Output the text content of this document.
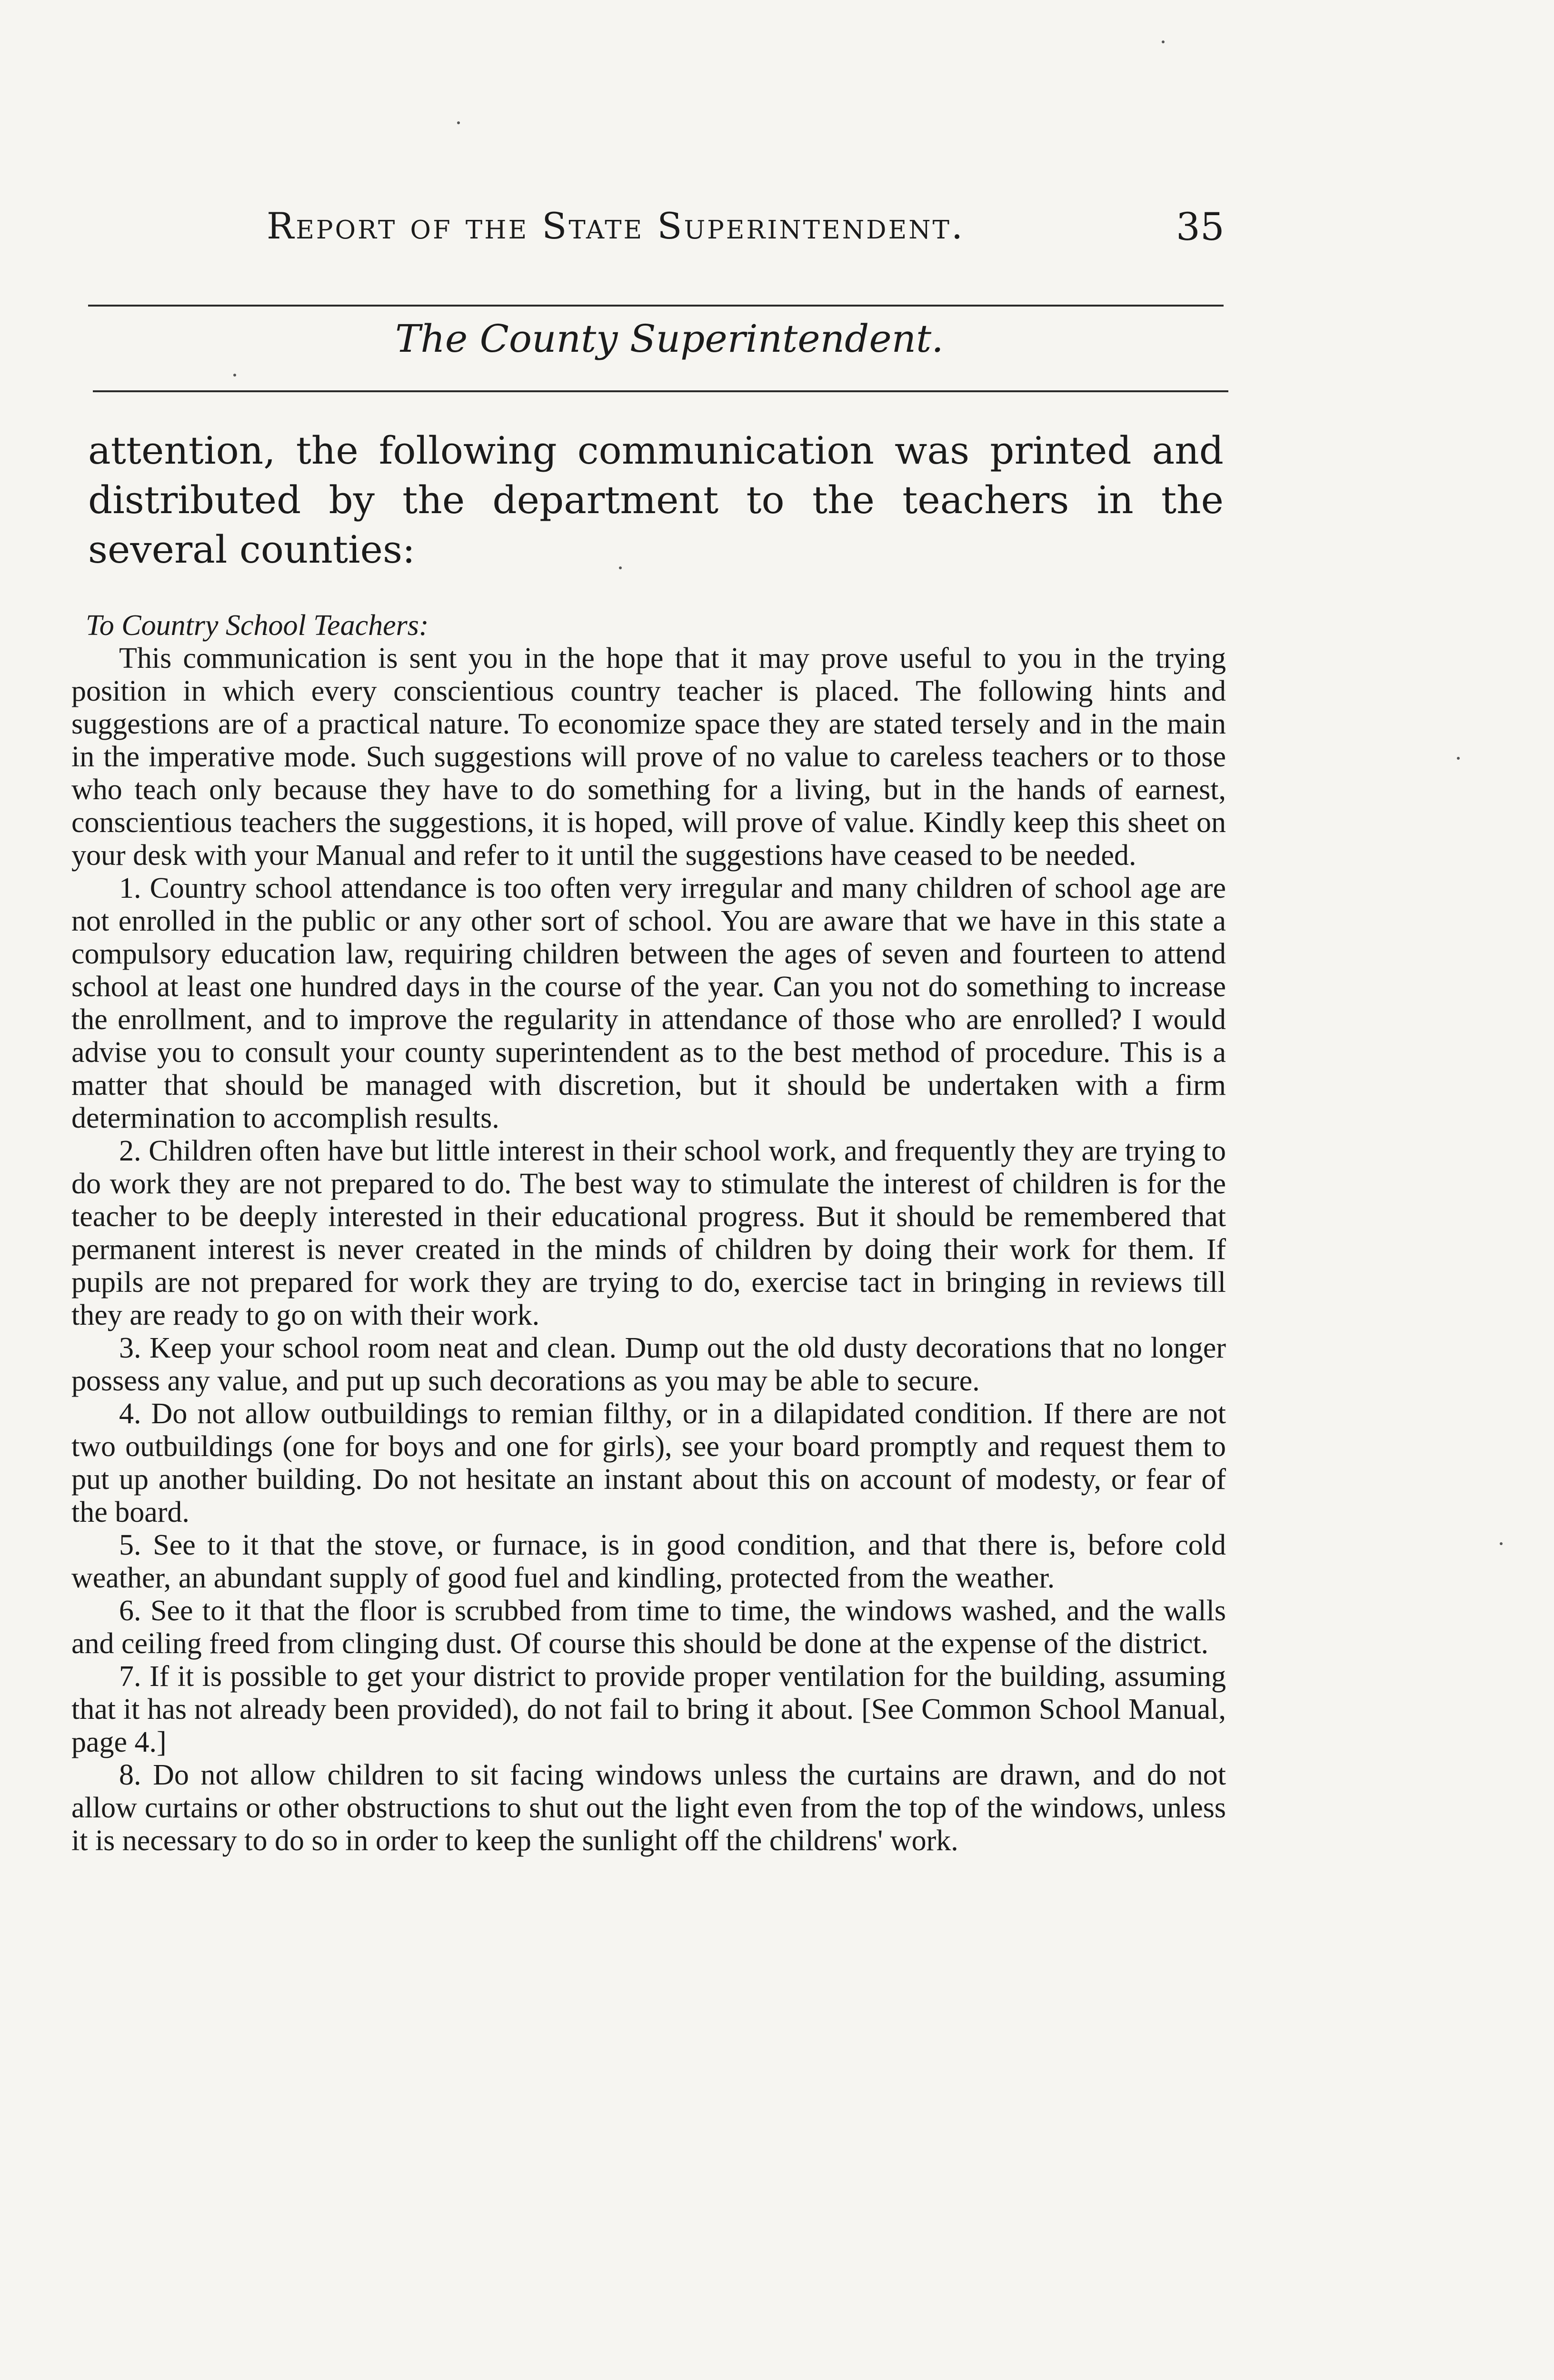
Report of the State Superintendent.	35
The County Superintendent.
attention, the following communication was printed and distributed by the department to the teachers in the several counties:

To Country School Teachers:

This communication is sent you in the hope that it may prove useful to you in the trying position in which every conscientious country teacher is placed. The following hints and suggestions are of a practical nature. To economize space they are stated tersely and in the main in the imperative mode. Such suggestions will prove of no value to careless teachers or to those who teach only because they have to do something for a living, but in the hands of earnest, conscientious teachers the suggestions, it is hoped, will prove of value. Kindly keep this sheet on your desk with your Manual and refer to it until the suggestions have ceased to be needed.

1. Country school attendance is too often very irregular and many children of school age are not enrolled in the public or any other sort of school. You are aware that we have in this state a compulsory education law, requiring children between the ages of seven and fourteen to attend school at least one hundred days in the course of the year. Can you not do something to increase the enrollment, and to improve the regularity in attendance of those who are enrolled? I would advise you to consult your county superintendent as to the best method of procedure. This is a matter that should be managed with discretion, but it should be undertaken with a firm determination to accomplish results.

2. Children often have but little interest in their school work, and frequently they are trying to do work they are not prepared to do. The best way to stimulate the interest of children is for the teacher to be deeply interested in their educational progress. But it should be remembered that permanent interest is never created in the minds of children by doing their work for them. If pupils are not prepared for work they are trying to do, exercise tact in bringing in reviews till they are ready to go on with their work.

3. Keep your school room neat and clean. Dump out the old dusty decorations that no longer possess any value, and put up such decorations as you may be able to secure.

4. Do not allow outbuildings to remian filthy, or in a dilapidated condition. If there are not two outbuildings (one for boys and one for girls), see your board promptly and request them to put up another building. Do not hesitate an instant about this on account of modesty, or fear of the board.

5. See to it that the stove, or furnace, is in good condition, and that there is, before cold weather, an abundant supply of good fuel and kindling, protected from the weather.

6. See to it that the floor is scrubbed from time to time, the windows washed, and the walls and ceiling freed from clinging dust. Of course this should be done at the expense of the district.

7. If it is possible to get your district to provide proper ventilation for the building, assuming that it has not already been provided), do not fail to bring it about. [See Common School Manual, page 4.]

8. Do not allow children to sit facing windows unless the curtains are drawn, and do not allow curtains or other obstructions to shut out the light even from the top of the windows, unless it is necessary to do so in order to keep the sunlight off the childrens' work.
